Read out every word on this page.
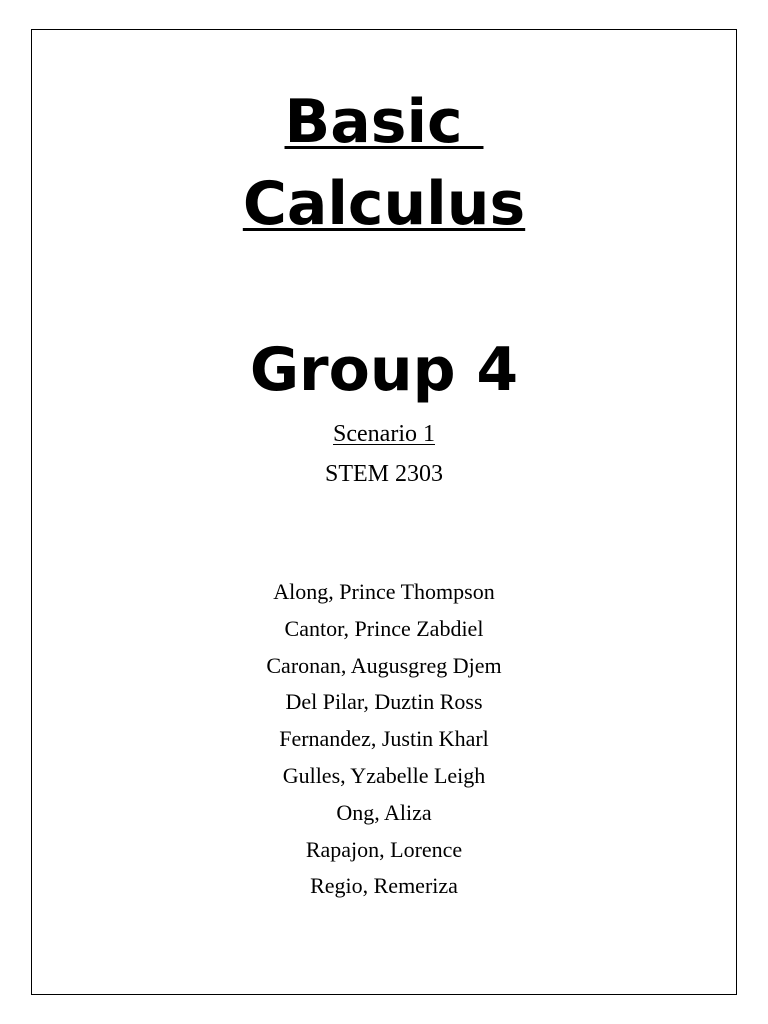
Basic
Calculus
Group 4
Scenario 1
STEM 2303
Along, Prince Thompson
Cantor, Prince Zabdiel
Caronan, Augusgreg Djem
Del Pilar, Duztin Ross
Fernandez, Justin Kharl
Gulles, Yzabelle Leigh
Ong, Aliza
Rapajon, Lorence
Regio, Remeriza
